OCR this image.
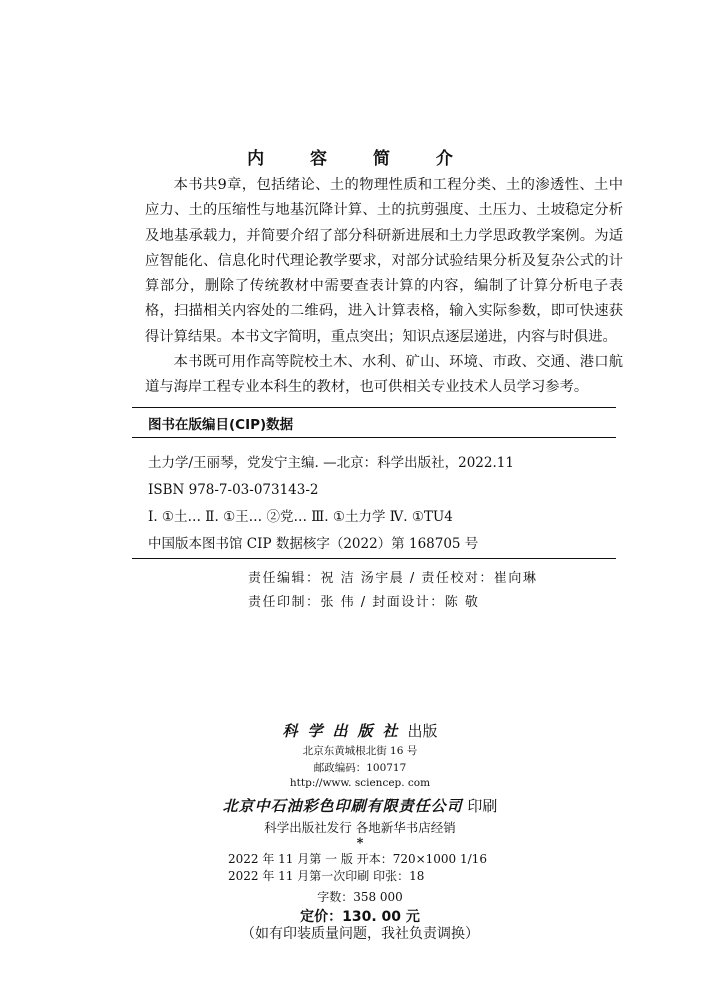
内 容 简 介

本书共9章，包括绪论、土的物理性质和工程分类、土的渗透性、土中应力、土的压缩性与地基沉降计算、土的抗剪强度、土压力、土坡稳定分析及地基承载力，并简要介绍了部分科研新进展和土力学思政教学案例。为适应智能化、信息化时代理论教学要求，对部分试验结果分析及复杂公式的计算部分，删除了传统教材中需要查表计算的内容，编制了计算分析电子表格，扫描相关内容处的二维码，进入计算表格，输入实际参数，即可快速获得计算结果。本书文字简明，重点突出；知识点逐层递进，内容与时俱进。

本书既可用作高等院校土木、水利、矿山、环境、市政、交通、港口航道与海岸工程专业本科生的教材，也可供相关专业技术人员学习参考。

图书在版编目(CIP)数据
土力学/王丽琴，党发宁主编. —北京：科学出版社，2022.11
ISBN 978-7-03-073143-2
Ⅰ. ①土… Ⅱ. ①王… ②党… Ⅲ. ①土力学 Ⅳ. ①TU4
中国版本图书馆 CIP 数据核字（2022）第 168705 号
责任编辑：祝 洁 汤宇晨 / 责任校对：崔向琳
责任印制：张 伟 / 封面设计：陈 敬
科学出版社出版
北京东黄城根北街 16 号
邮政编码：100717
http://www. sciencep. com
北京中石油彩色印刷有限责任公司 印刷
科学出版社发行 各地新华书店经销
*
2022 年 11 月第 一 版 开本：720×1000 1/16
2022 年 11 月第一次印刷 印张：18
字数：358 000
定价：130. 00 元
（如有印装质量问题，我社负责调换）
